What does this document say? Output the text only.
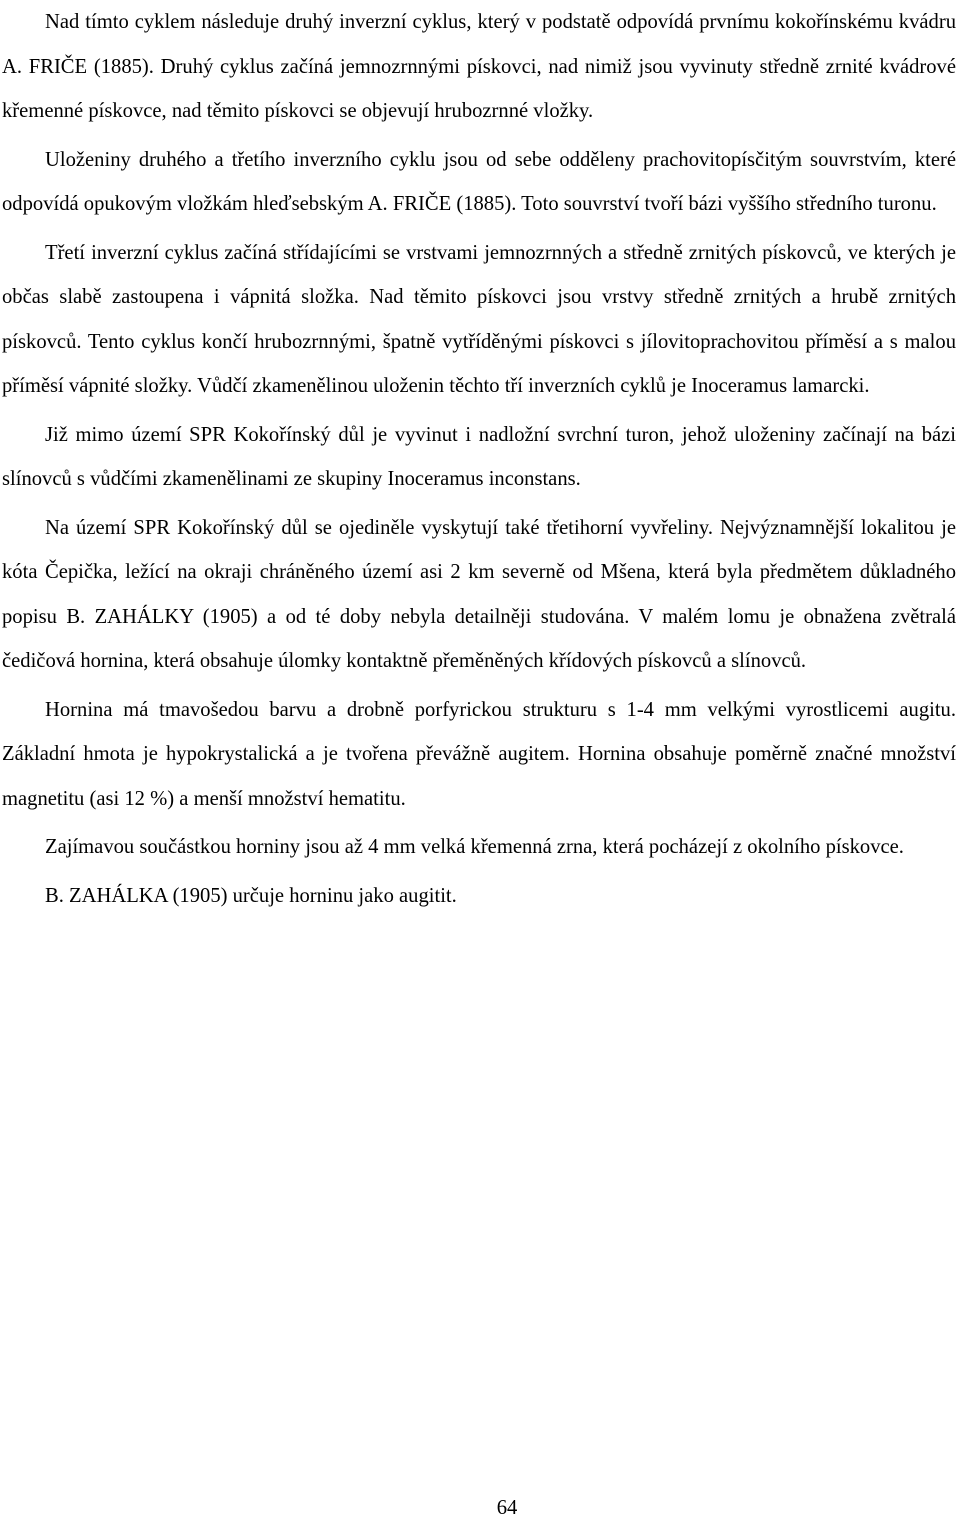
Nad tímto cyklem následuje druhý inverzní cyklus, který v podstatě odpovídá prvnímu kokořínskému kvádru A. FRIČE (1885). Druhý cyklus začíná jemnozrnnými pískovci, nad nimiž jsou vyvinuty středně zrnité kvádrové křemenné pískovce, nad těmito pískovci se objevují hrubozrnné vložky.

Uloženiny druhého a třetího inverzního cyklu jsou od sebe odděleny prachovitopísčitým souvrstvím, které odpovídá opukovým vložkám hleďsebským A. FRIČE (1885). Toto souvrství tvoří bázi vyššího středního turonu.

Třetí inverzní cyklus začíná střídajícími se vrstvami jemnozrnných a středně zrnitých pískovců, ve kterých je občas slabě zastoupena i vápnitá složka. Nad těmito pískovci jsou vrstvy středně zrnitých a hrubě zrnitých pískovců. Tento cyklus končí hrubozrnnými, špatně vytříděnými pískovci s jílovitoprachovitou příměsí a s malou příměsí vápnité složky. Vůdčí zkamenělinou uloženin těchto tří inverzních cyklů je Inoceramus lamarcki.

Již mimo území SPR Kokořínský důl je vyvinut i nadložní svrchní turon, jehož uloženiny začínají na bázi slínovců s vůdčími zkamenělinami ze skupiny Inoceramus inconstans.

Na území SPR Kokořínský důl se ojediněle vyskytují také třetihorní vyvřeliny. Nejvýznamnější lokalitou je kóta Čepička, ležící na okraji chráněného území asi 2 km severně od Mšena, která byla předmětem důkladného popisu B. ZAHÁLKY (1905) a od té doby nebyla detailněji studována. V malém lomu je obnažena zvětralá čedičová hornina, která obsahuje úlomky kontaktně přeměněných křídových pískovců a slínovců.

Hornina má tmavošedou barvu a drobně porfyrickou strukturu s 1-4 mm velkými vyrostlicemi augitu. Základní hmota je hypokrystalická a je tvořena převážně augitem. Hornina obsahuje poměrně značné množství magnetitu (asi 12 %) a menší množství hematitu.

Zajímavou součástkou horniny jsou až 4 mm velká křemenná zrna, která pocházejí z okolního pískovce.

B. ZAHÁLKA (1905) určuje horninu jako augitit.

64
